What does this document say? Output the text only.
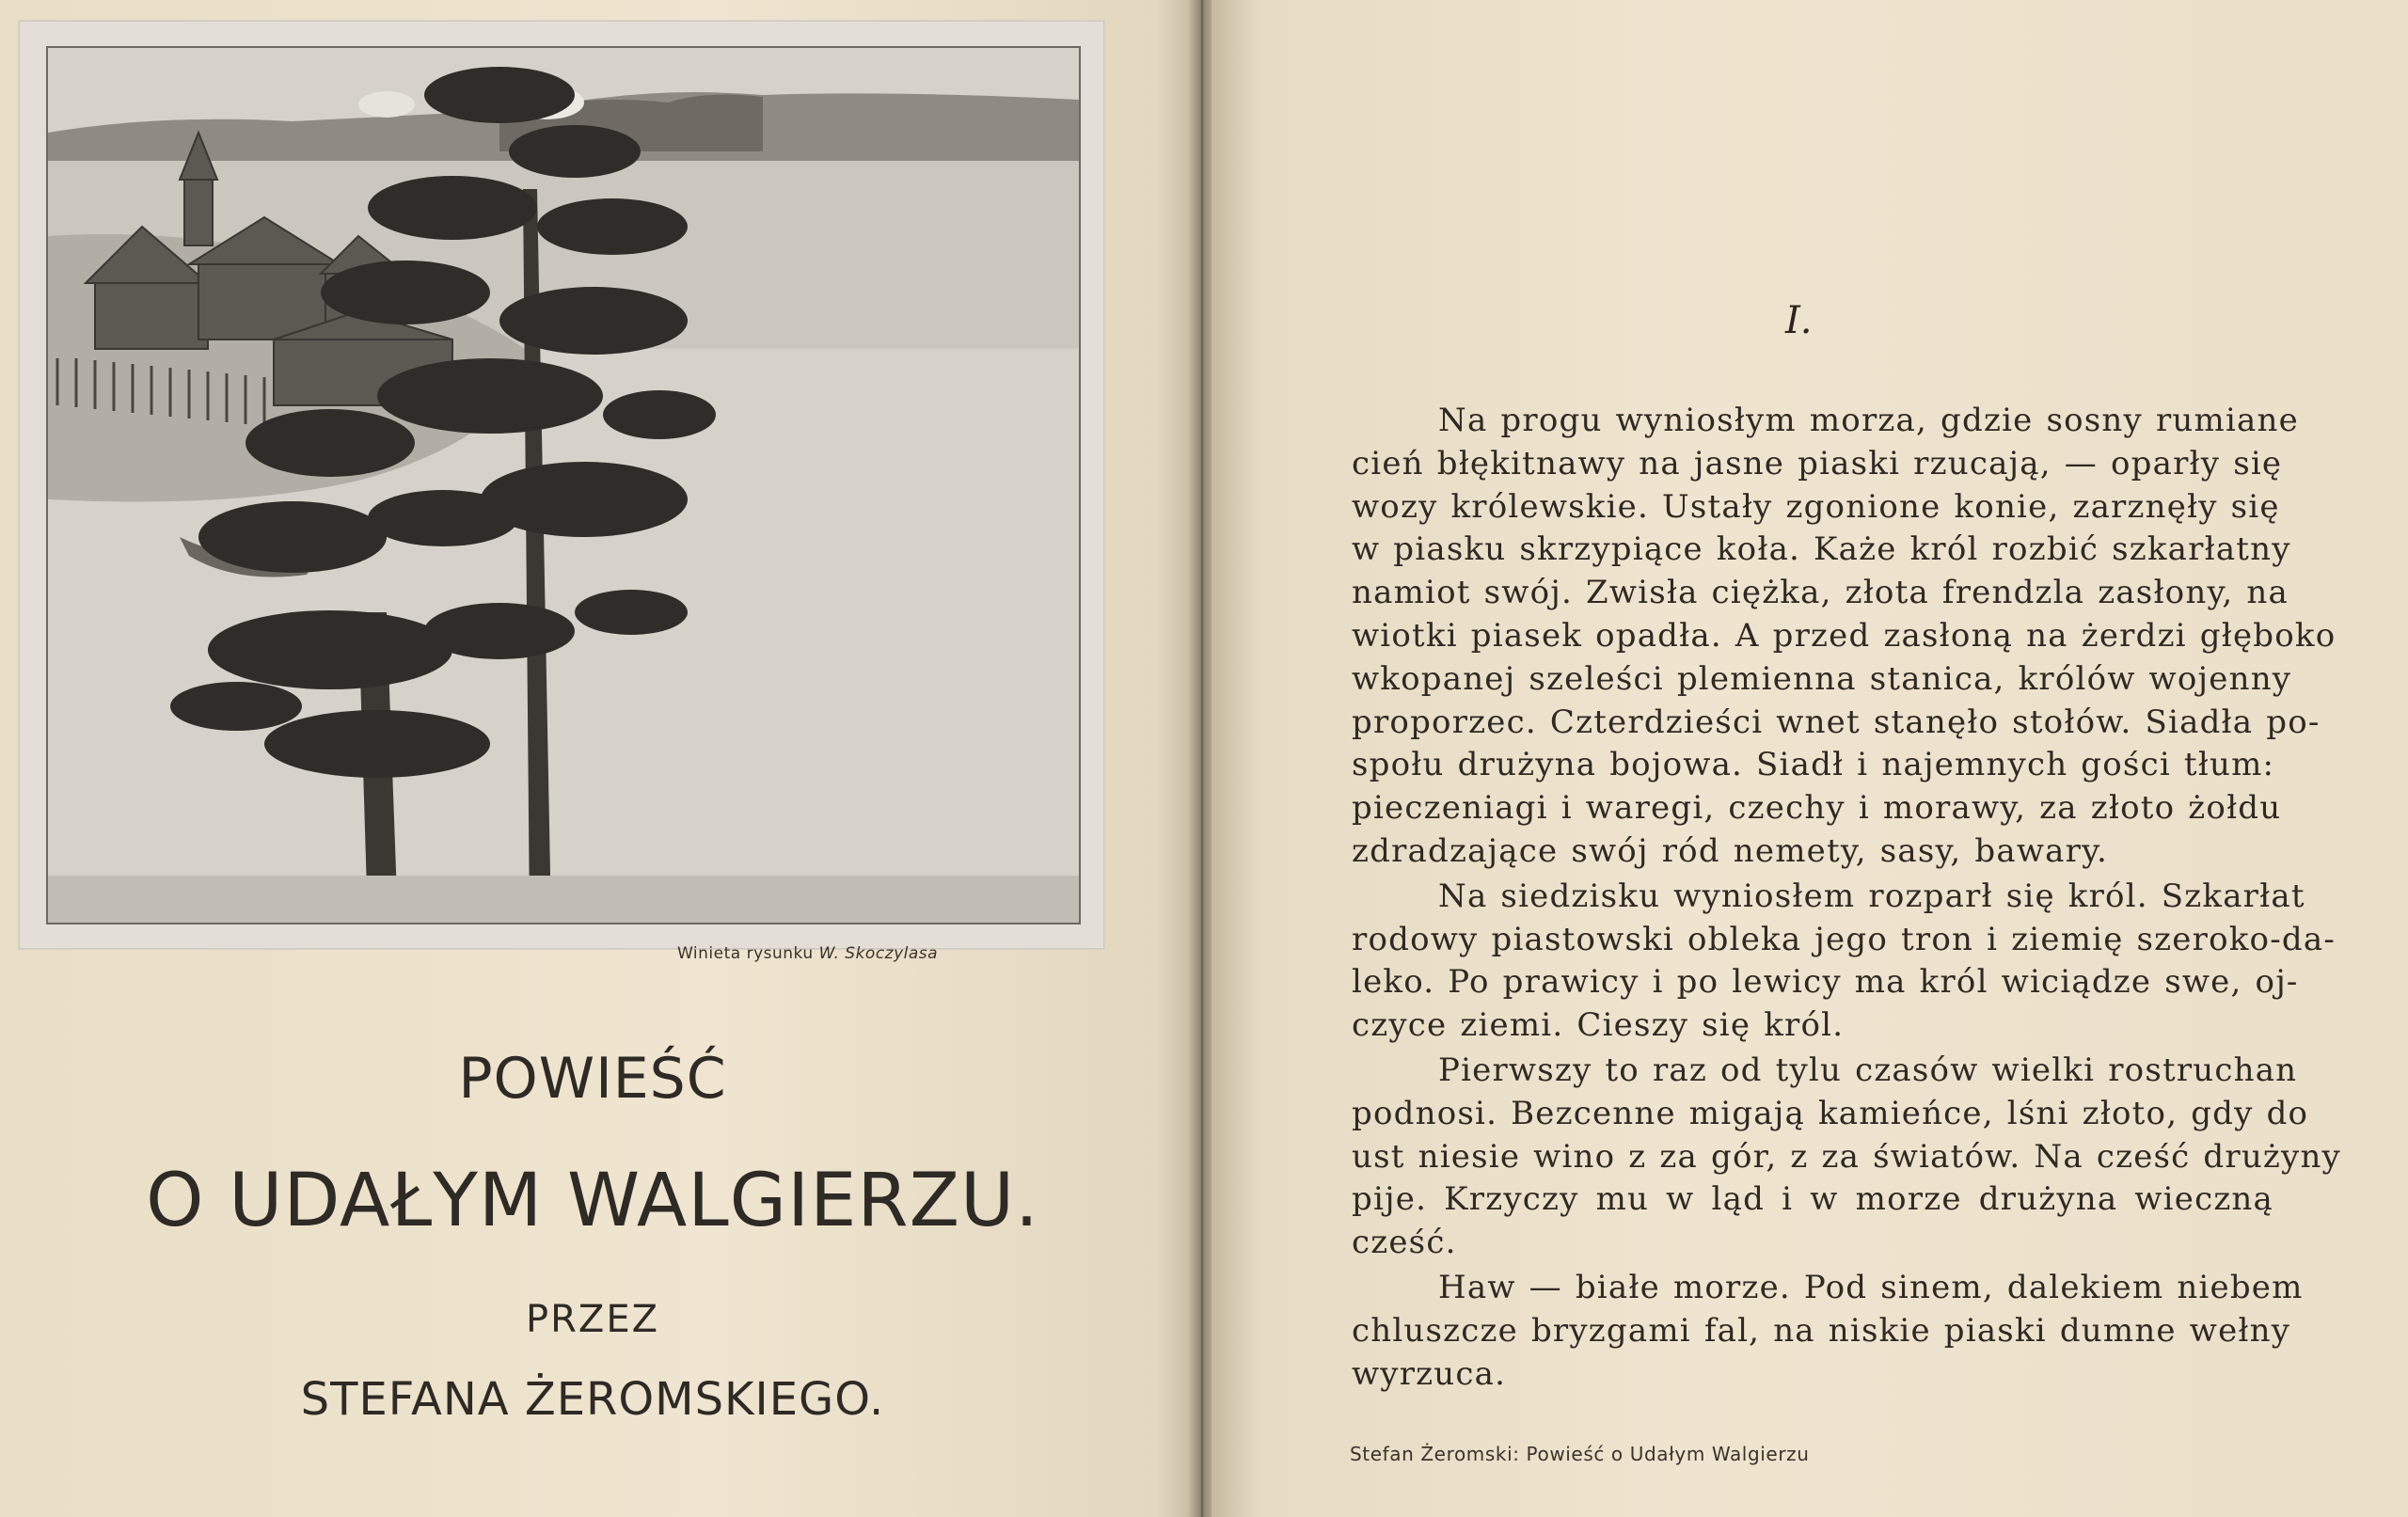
Winieta rysunku W. Skoczylasa
POWIEŚĆ
O UDAŁYM WALGIERZU.
PRZEZ
STEFANA ŻEROMSKIEGO.
I.
Na progu wyniosłym morza, gdzie sosny rumiane
cień błękitnawy na jasne piaski rzucają, — oparły się
wozy królewskie. Ustały zgonione konie, zarznęły się
w piasku skrzypiące koła. Każe król rozbić szkarłatny
namiot swój. Zwisła ciężka, złota frendzla zasłony, na
wiotki piasek opadła. A przed zasłoną na żerdzi głęboko
wkopanej szeleści plemienna stanica, królów wojenny
proporzec. Czterdzieści wnet stanęło stołów. Siadła po-
społu drużyna bojowa. Siadł i najemnych gości tłum:
pieczeniagi i waregi, czechy i morawy, za złoto żołdu
zdradzające swój ród nemety, sasy, bawary.
Na siedzisku wyniosłem rozparł się król. Szkarłat
rodowy piastowski obleka jego tron i ziemię szeroko-da-
leko. Po prawicy i po lewicy ma król wiciądze swe, oj-
czyce ziemi. Cieszy się król.
Pierwszy to raz od tylu czasów wielki rostruchan
podnosi. Bezcenne migają kamieńce, lśni złoto, gdy do
ust niesie wino z za gór, z za światów. Na cześć drużyny
pije. Krzyczy mu w ląd i w morze drużyna wieczną
cześć.
Haw — białe morze. Pod sinem, dalekiem niebem
chluszcze bryzgami fal, na niskie piaski dumne wełny
wyrzuca.
Stefan Żeromski: Powieść o Udałym Walgierzu
